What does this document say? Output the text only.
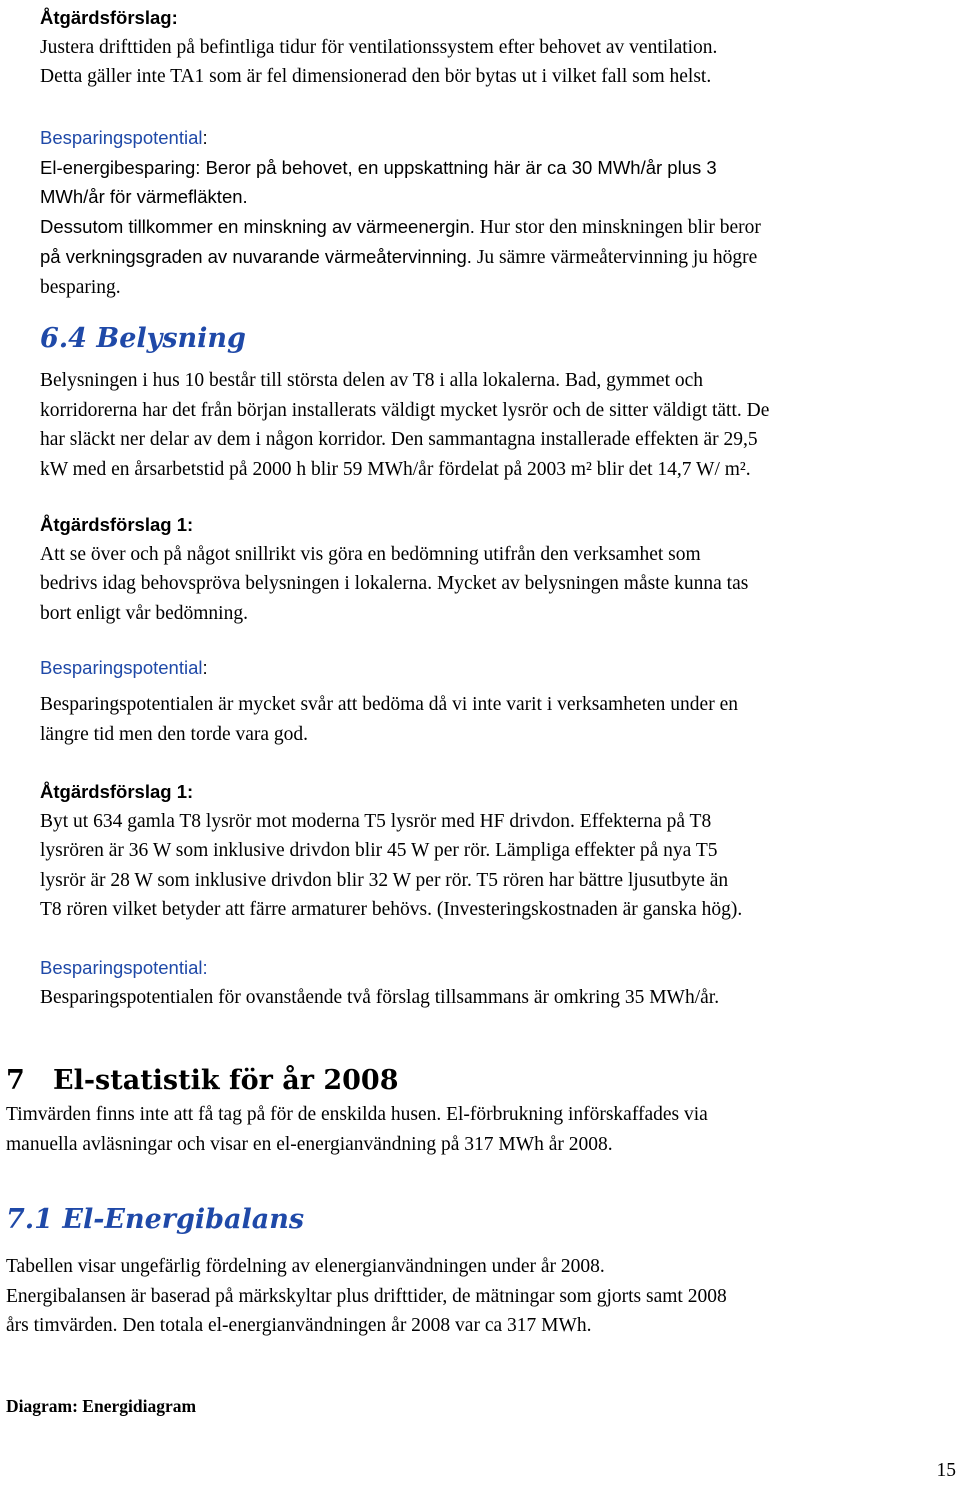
Åtgärdsförslag:
Justera drifttiden på befintliga tidur för ventilationssystem efter behovet av ventilation.
Detta gäller inte TA1 som är fel dimensionerad den bör bytas ut i vilket fall som helst.
Besparingspotential:
El-energibesparing: Beror på behovet, en uppskattning här är ca 30 MWh/år plus 3
MWh/år för värmefläkten.
Dessutom tillkommer en minskning av värmeenergin. Hur stor den minskningen blir beror
på verkningsgraden av nuvarande värmeåtervinning. Ju sämre värmeåtervinning ju högre
besparing.
6.4 Belysning
Belysningen i hus 10 består till största delen av T8 i alla lokalerna. Bad, gymmet och
korridorerna har det från början installerats väldigt mycket lysrör och de sitter väldigt tätt. De
har släckt ner delar av dem i någon korridor. Den sammantagna installerade effekten är 29,5
kW med en årsarbetstid på 2000 h blir 59 MWh/år fördelat på 2003 m² blir det 14,7 W/ m².
Åtgärdsförslag 1:
Att se över och på något snillrikt vis göra en bedömning utifrån den verksamhet som
bedrivs idag behovspröva belysningen i lokalerna. Mycket av belysningen måste kunna tas
bort enligt vår bedömning.
Besparingspotential:
Besparingspotentialen är mycket svår att bedöma då vi inte varit i verksamheten under en
längre tid men den torde vara god.
Åtgärdsförslag 1:
Byt ut 634 gamla T8 lysrör mot moderna T5 lysrör med HF drivdon. Effekterna på T8
lysrören är 36 W som inklusive drivdon blir 45 W per rör. Lämpliga effekter på nya T5
lysrör är 28 W som inklusive drivdon blir 32 W per rör. T5 rören har bättre ljusutbyte än
T8 rören vilket betyder att färre armaturer behövs. (Investeringskostnaden är ganska hög).
Besparingspotential:
Besparingspotentialen för ovanstående två förslag tillsammans är omkring 35 MWh/år.
7   El-statistik för år 2008
Timvärden finns inte att få tag på för de enskilda husen. El-förbrukning införskaffades via
manuella avläsningar och visar en el-energianvändning på 317 MWh år 2008.
7.1 El-Energibalans
Tabellen visar ungefärlig fördelning av elenergianvändningen under år 2008.
Energibalansen är baserad på märkskyltar plus drifttider, de mätningar som gjorts samt 2008
års timvärden. Den totala el-energianvändningen år 2008 var ca 317 MWh.
Diagram: Energidiagram
15
